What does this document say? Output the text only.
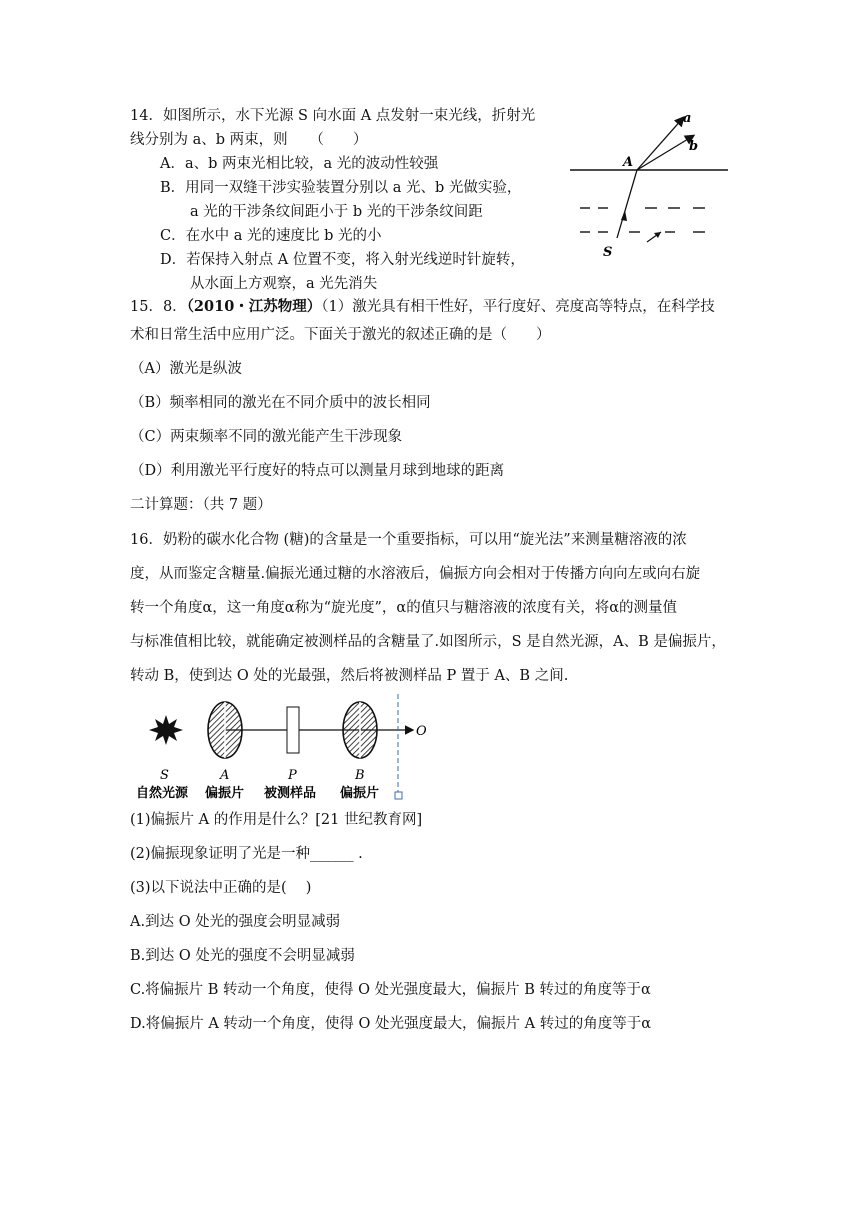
14．如图所示，水下光源 S 向水面 A 点发射一束光线，折射光
线分别为 a、b 两束，则　　（　　）
A．a、b 两束光相比较，a 光的波动性较强
B．用同一双缝干涉实验装置分别以 a 光、b 光做实验，
a 光的干涉条纹间距小于 b 光的干涉条纹间距
C．在水中 a 光的速度比 b 光的小
D．若保持入射点 A 位置不变，将入射光线逆时针旋转，
从水面上方观察，a 光先消失
a
b
A
S
15．8．（2010・江苏物理）（1）激光具有相干性好，平行度好、亮度高等特点，在科学技
术和日常生活中应用广泛。下面关于激光的叙述正确的是（　　）
（A）激光是纵波
（B）频率相同的激光在不同介质中的波长相同
（C）两束频率不同的激光能产生干涉现象
（D）利用激光平行度好的特点可以测量月球到地球的距离
二计算题：（共 7 题）
16．奶粉的碳水化合物 (糖)的含量是一个重要指标，可以用“旋光法”来测量糖溶液的浓
度，从而鉴定含糖量.偏振光通过糖的水溶液后，偏振方向会相对于传播方向向左或向右旋
转一个角度α，这一角度α称为“旋光度”，α的值只与糖溶液的浓度有关，将α的测量值
与标准值相比较，就能确定被测样品的含糖量了.如图所示，S 是自然光源，A、B 是偏振片，
转动 B，使到达 O 处的光最强，然后将被测样品 P 置于 A、B 之间.
S	A	P	B
O
自然光源 偏振片 被测样品 偏振片
(1)偏振片 A 的作用是什么？[21 世纪教育网]
(2)偏振现象证明了光是一种______ .
(3)以下说法中正确的是(　 )
A.到达 O 处光的强度会明显减弱
B.到达 O 处光的强度不会明显减弱
C.将偏振片 B 转动一个角度，使得 O 处光强度最大，偏振片 B 转过的角度等于α
D.将偏振片 A 转动一个角度，使得 O 处光强度最大，偏振片 A 转过的角度等于α
